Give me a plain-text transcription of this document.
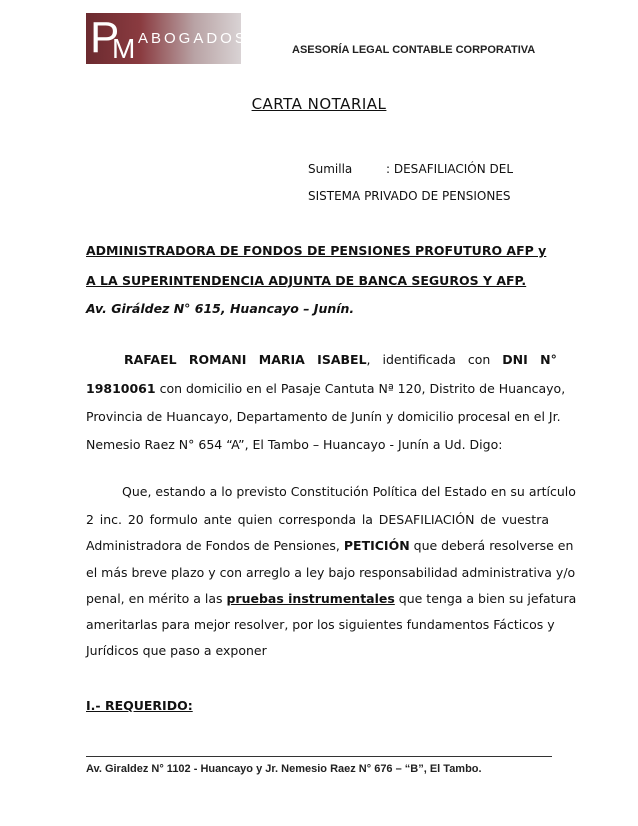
P
M ABOGADOS
ASESORÍA LEGAL CONTABLE CORPORATIVA
CARTA NOTARIAL
Sumilla	: DESAFILIACIÓN DEL
SISTEMA PRIVADO DE PENSIONES
ADMINISTRADORA DE FONDOS DE PENSIONES PROFUTURO AFP y
A LA SUPERINTENDENCIA ADJUNTA DE BANCA SEGUROS Y AFP.
Av. Giráldez N° 615, Huancayo – Junín.
RAFAEL ROMANI MARIA ISABEL, identificada con DNI N°
19810061 con domicilio en el Pasaje Cantuta Nª 120, Distrito de Huancayo,
Provincia de Huancayo, Departamento de Junín y domicilio procesal en el Jr.
Nemesio Raez N° 654 “A”, El Tambo – Huancayo - Junín a Ud. Digo:
Que, estando a lo previsto Constitución Política del Estado en su artículo
2 inc. 20 formulo ante quien corresponda la DESAFILIACIÓN de vuestra
Administradora de Fondos de Pensiones, PETICIÓN que deberá resolverse en
el más breve plazo y con arreglo a ley bajo responsabilidad administrativa y/o
penal, en mérito a las pruebas instrumentales que tenga a bien su jefatura
ameritarlas para mejor resolver, por los siguientes fundamentos Fácticos y
Jurídicos que paso a exponer
I.- REQUERIDO:
Av. Giraldez N° 1102 - Huancayo y Jr. Nemesio Raez N° 676 – “B”, El Tambo.
